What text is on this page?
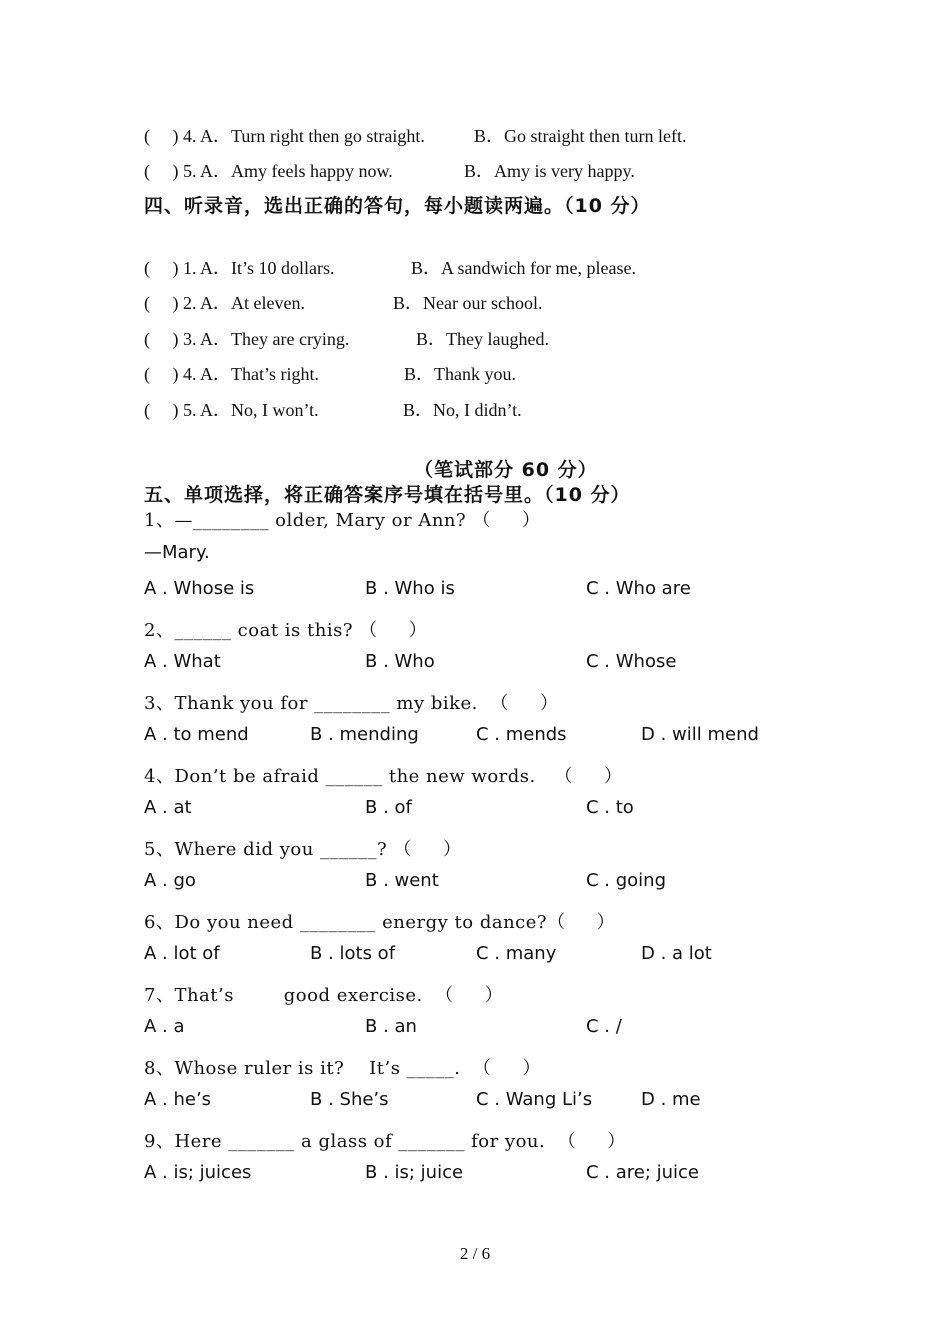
(     ) 4. A．Turn right then go straight.	B．Go straight then turn left.
(     ) 5. A．Amy feels happy now.	B．Amy is very happy.
四、听录音，选出正确的答句，每小题读两遍。（10 分）
(     ) 1. A．It’s 10 dollars.	B．A sandwich for me, please.
(     ) 2. A．At eleven.	B．Near our school.
(     ) 3. A．They are crying.	B．They laughed.
(     ) 4. A．That’s right.	B．Thank you.
(     ) 5. A．No, I won’t.	B．No, I didn’t.
（笔试部分 60 分）
五、单项选择，将正确答案序号填在括号里。（10 分）
1、—________ older, Mary or Ann? （     ）
—Mary.
A . Whose is	B . Who is	C . Who are
2、______ coat is this? （     ）
A . What	B . Who	C . Whose
3、Thank you for ________ my bike.  （     ）
A . to mend	B . mending	C . mends	D . will mend
4、Don’t be afraid ______ the new words.   （     ）
A . at	B . of	C . to
5、Where did you ______? （     ）
A . go	B . went	C . going
6、Do you need ________ energy to dance?（     ）
A . lot of	B . lots of	C . many	D . a lot
7、That’s        good exercise.  （     ）
A . a	B . an	C . /
8、Whose ruler is it?    It’s _____.  （     ）
A . he’s	B . She’s	C . Wang Li’s	D . me
9、Here _______ a glass of _______ for you.  （     ）
A . is; juices	B . is; juice	C . are; juice
2 / 6
